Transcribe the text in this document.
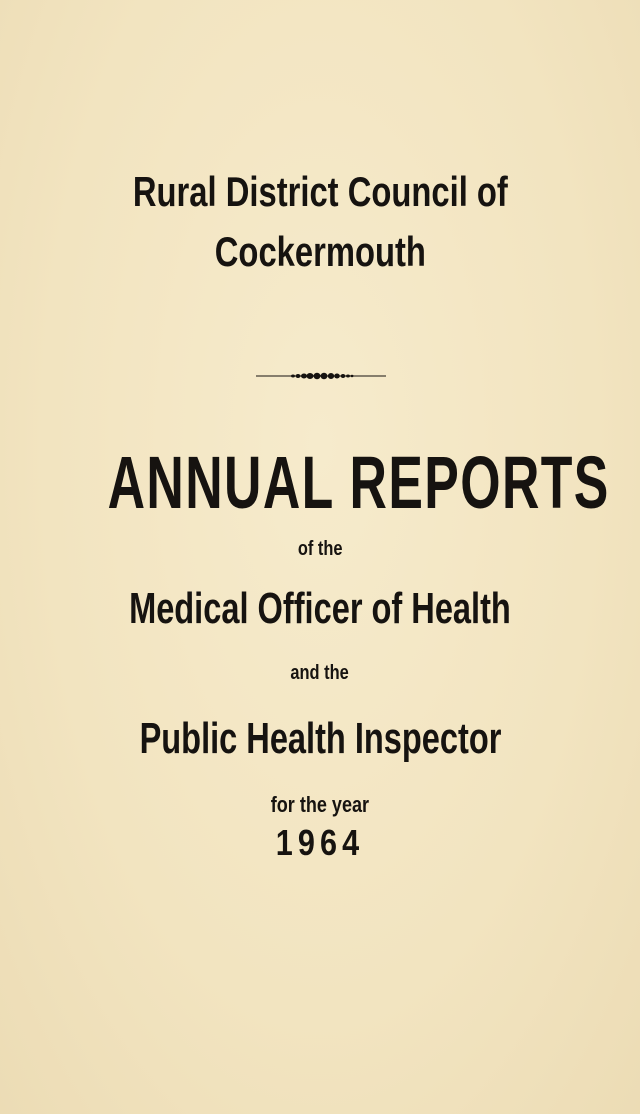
Rural District Council of
Cockermouth
ANNUAL REPORTS
of the
Medical Officer of Health
and the
Public Health Inspector
for the year
1964
